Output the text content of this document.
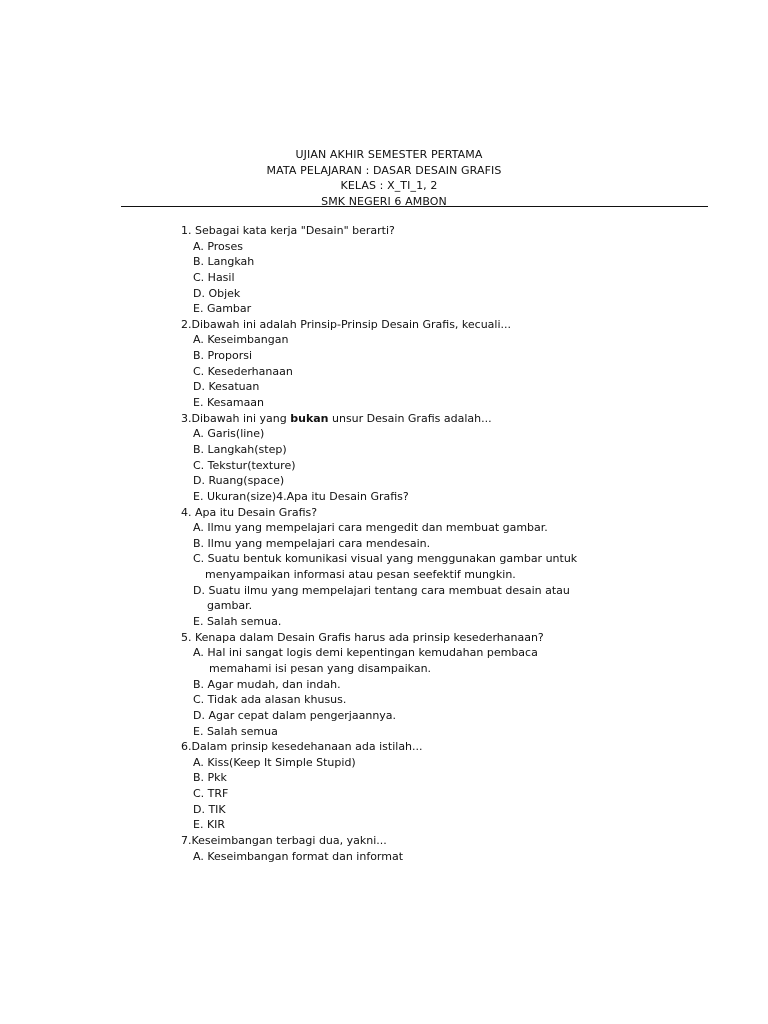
UJIAN AKHIR SEMESTER PERTAMA
MATA PELAJARAN : DASAR DESAIN GRAFIS
KELAS : X_TI_1, 2
SMK NEGERI 6 AMBON
1. Sebagai kata kerja "Desain" berarti?
A. Proses
B. Langkah
C. Hasil
D. Objek
E. Gambar
2.Dibawah ini adalah Prinsip-Prinsip Desain Grafis, kecuali...
A. Keseimbangan
B. Proporsi
C. Kesederhanaan
D. Kesatuan
E. Kesamaan
3.Dibawah ini yang bukan unsur Desain Grafis adalah...
A. Garis(line)
B. Langkah(step)
C. Tekstur(texture)
D. Ruang(space)
E. Ukuran(size)4.Apa itu Desain Grafis?
4. Apa itu Desain Grafis?
A. Ilmu yang mempelajari cara mengedit dan membuat gambar.
B. Ilmu yang mempelajari cara mendesain.
C. Suatu bentuk komunikasi visual yang menggunakan gambar untuk
menyampaikan informasi atau pesan seefektif mungkin.
D. Suatu ilmu yang mempelajari tentang cara membuat desain atau
gambar.
E. Salah semua.
5. Kenapa dalam Desain Grafis harus ada prinsip kesederhanaan?
A. Hal ini sangat logis demi kepentingan kemudahan pembaca
memahami isi pesan yang disampaikan.
B. Agar mudah, dan indah.
C. Tidak ada alasan khusus.
D. Agar cepat dalam pengerjaannya.
E. Salah semua
6.Dalam prinsip kesedehanaan ada istilah...
A. Kiss(Keep It Simple Stupid)
B. Pkk
C. TRF
D. TIK
E. KIR
7.Keseimbangan terbagi dua, yakni...
A. Keseimbangan format dan informat
